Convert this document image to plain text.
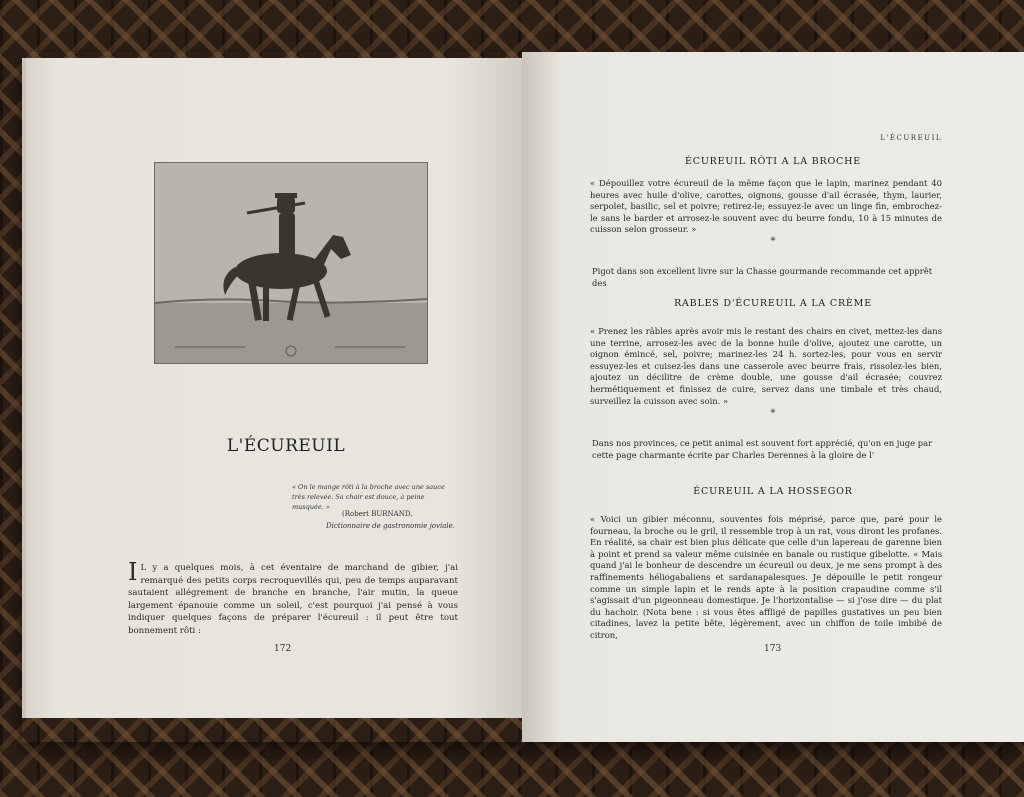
L'ÉCUREUIL
« On le mange rôti à la broche avec une sauce très relevée. Sa chair est douce, à peine musquée. »
(Robert BURNAND,
Dictionnaire de gastronomie joviale.
I L y a quelques mois, à cet éventaire de marchand de gibier, j'ai remarqué des petits corps recroquevillés qui, peu de temps auparavant sautaient allégrement de branche en branche, l'air mutin, la queue largement épanouie comme un soleil, c'est pourquoi j'ai pensé à vous indiquer quelques façons de préparer l'écureuil : il peut être tout bonnement rôti :
172
L'ÉCUREUIL
ÉCUREUIL RÔTI A LA BROCHE
« Dépouillez votre écureuil de la même façon que le lapin, marinez pendant 40 heures avec huile d'olive, carottes, oignons, gousse d'ail écrasée, thym, laurier, serpolet, basilic, sel et poivre; retirez-le; essuyez-le avec un linge fin, embrochez-le sans le barder et arrosez-le souvent avec du beurre fondu, 10 à 15 minutes de cuisson selon grosseur. »
*
Pigot dans son excellent livre sur la Chasse gourmande recommande cet apprêt des
RABLES D'ÉCUREUIL A LA CRÈME
« Prenez les râbles après avoir mis le restant des chairs en civet, mettez-les dans une terrine, arrosez-les avec de la bonne huile d'olive, ajoutez une carotte, un oignon émincé, sel, poivre; marinez-les 24 h. sortez-les, pour vous en servir essuyez-les et cuisez-les dans une casserole avec beurre frais, rissolez-les bien, ajoutez un décilitre de crème double, une gousse d'ail écrasée; couvrez hermétiquement et finissez de cuire, servez dans une timbale et très chaud, surveillez la cuisson avec soin. »
*
Dans nos provinces, ce petit animal est souvent fort apprécié, qu'on en juge par cette page charmante écrite par Charles Derennes à la gloire de l'
ÉCUREUIL A LA HOSSEGOR
« Voici un gibier méconnu, souventes fois méprisé, parce que, paré pour le fourneau, la broche ou le gril, il ressemble trop à un rat, vous diront les profanes. En réalité, sa chair est bien plus délicate que celle d'un lapereau de garenne bien à point et prend sa valeur même cuisinée en banale ou rustique gibelotte. « Mais quand j'ai le bonheur de descendre un écureuil ou deux, je me sens prompt à des raffinements héliogabaliens et sardanapalesques. Je dépouille le petit rongeur comme un simple lapin et le rends apte à la position crapaudine comme s'il s'agissait d'un pigeonneau domestique. Je l'horizontalise — si j'ose dire — du plat du hachoir. (Nota bene : si vous êtes affligé de papilles gustatives un peu bien citadines, lavez la petite bête, légèrement, avec un chiffon de toile imbibé de citron,
173
